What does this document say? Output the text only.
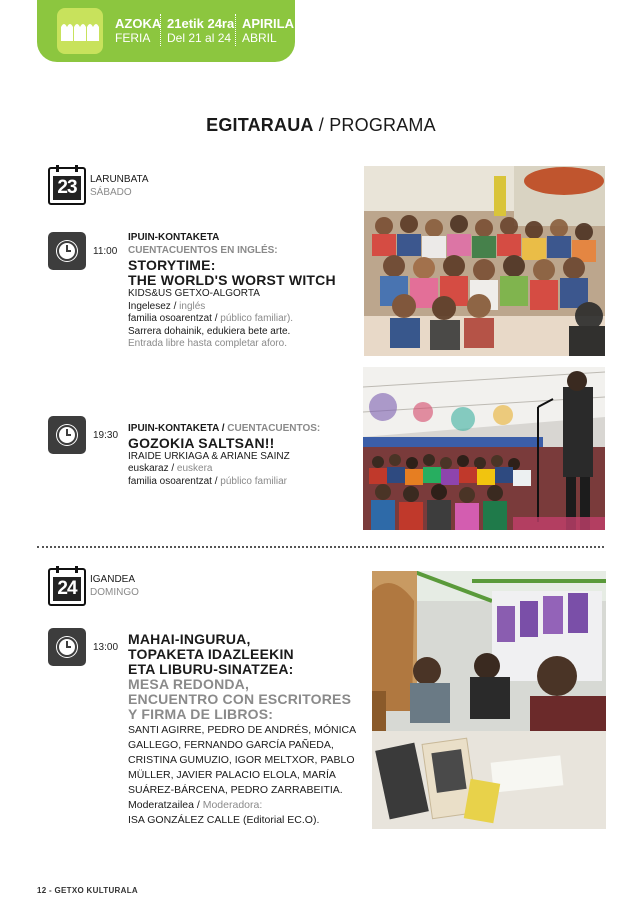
AZOKA
FERIA
21etik 24ra
Del 21 al 24
APIRILA
ABRIL
EGITARAUA / PROGRAMA
23	LARUNBATA
SÁBADO
11:00
IPUIN-KONTAKETA
CUENTACUENTOS EN INGLÉS:
STORYTIME:
THE WORLD'S WORST WITCH
KIDS&US GETXO-ALGORTA
Ingelesez / inglés
familia osoarentzat / público familiar).
Sarrera dohainik, edukiera bete arte.
Entrada libre hasta completar aforo.
19:30
IPUIN-KONTAKETA / CUENTACUENTOS:
GOZOKIA SALTSAN!!
IRAIDE URKIAGA & ARIANE SAINZ
euskaraz / euskera
familia osoarentzat / público familiar
24	IGANDEA
DOMINGO
13:00
MAHAI-INGURUA,
TOPAKETA IDAZLEEKIN
ETA LIBURU-SINATZEA:
MESA REDONDA,
ENCUENTRO CON ESCRITORES
Y FIRMA DE LIBROS:
SANTI AGIRRE, PEDRO DE ANDRÉS, MÓNICA
GALLEGO, FERNANDO GARCÍA PAÑEDA,
CRISTINA GUMUZIO, IGOR MELTXOR, PABLO
MÜLLER, JAVIER PALACIO ELOLA, MARÍA
SUÁREZ-BÁRCENA, PEDRO ZARRABEITIA.
Moderatzailea / Moderadora:
ISA GONZÁLEZ CALLE (Editorial EC.O).
12 - GETXO KULTURALA
